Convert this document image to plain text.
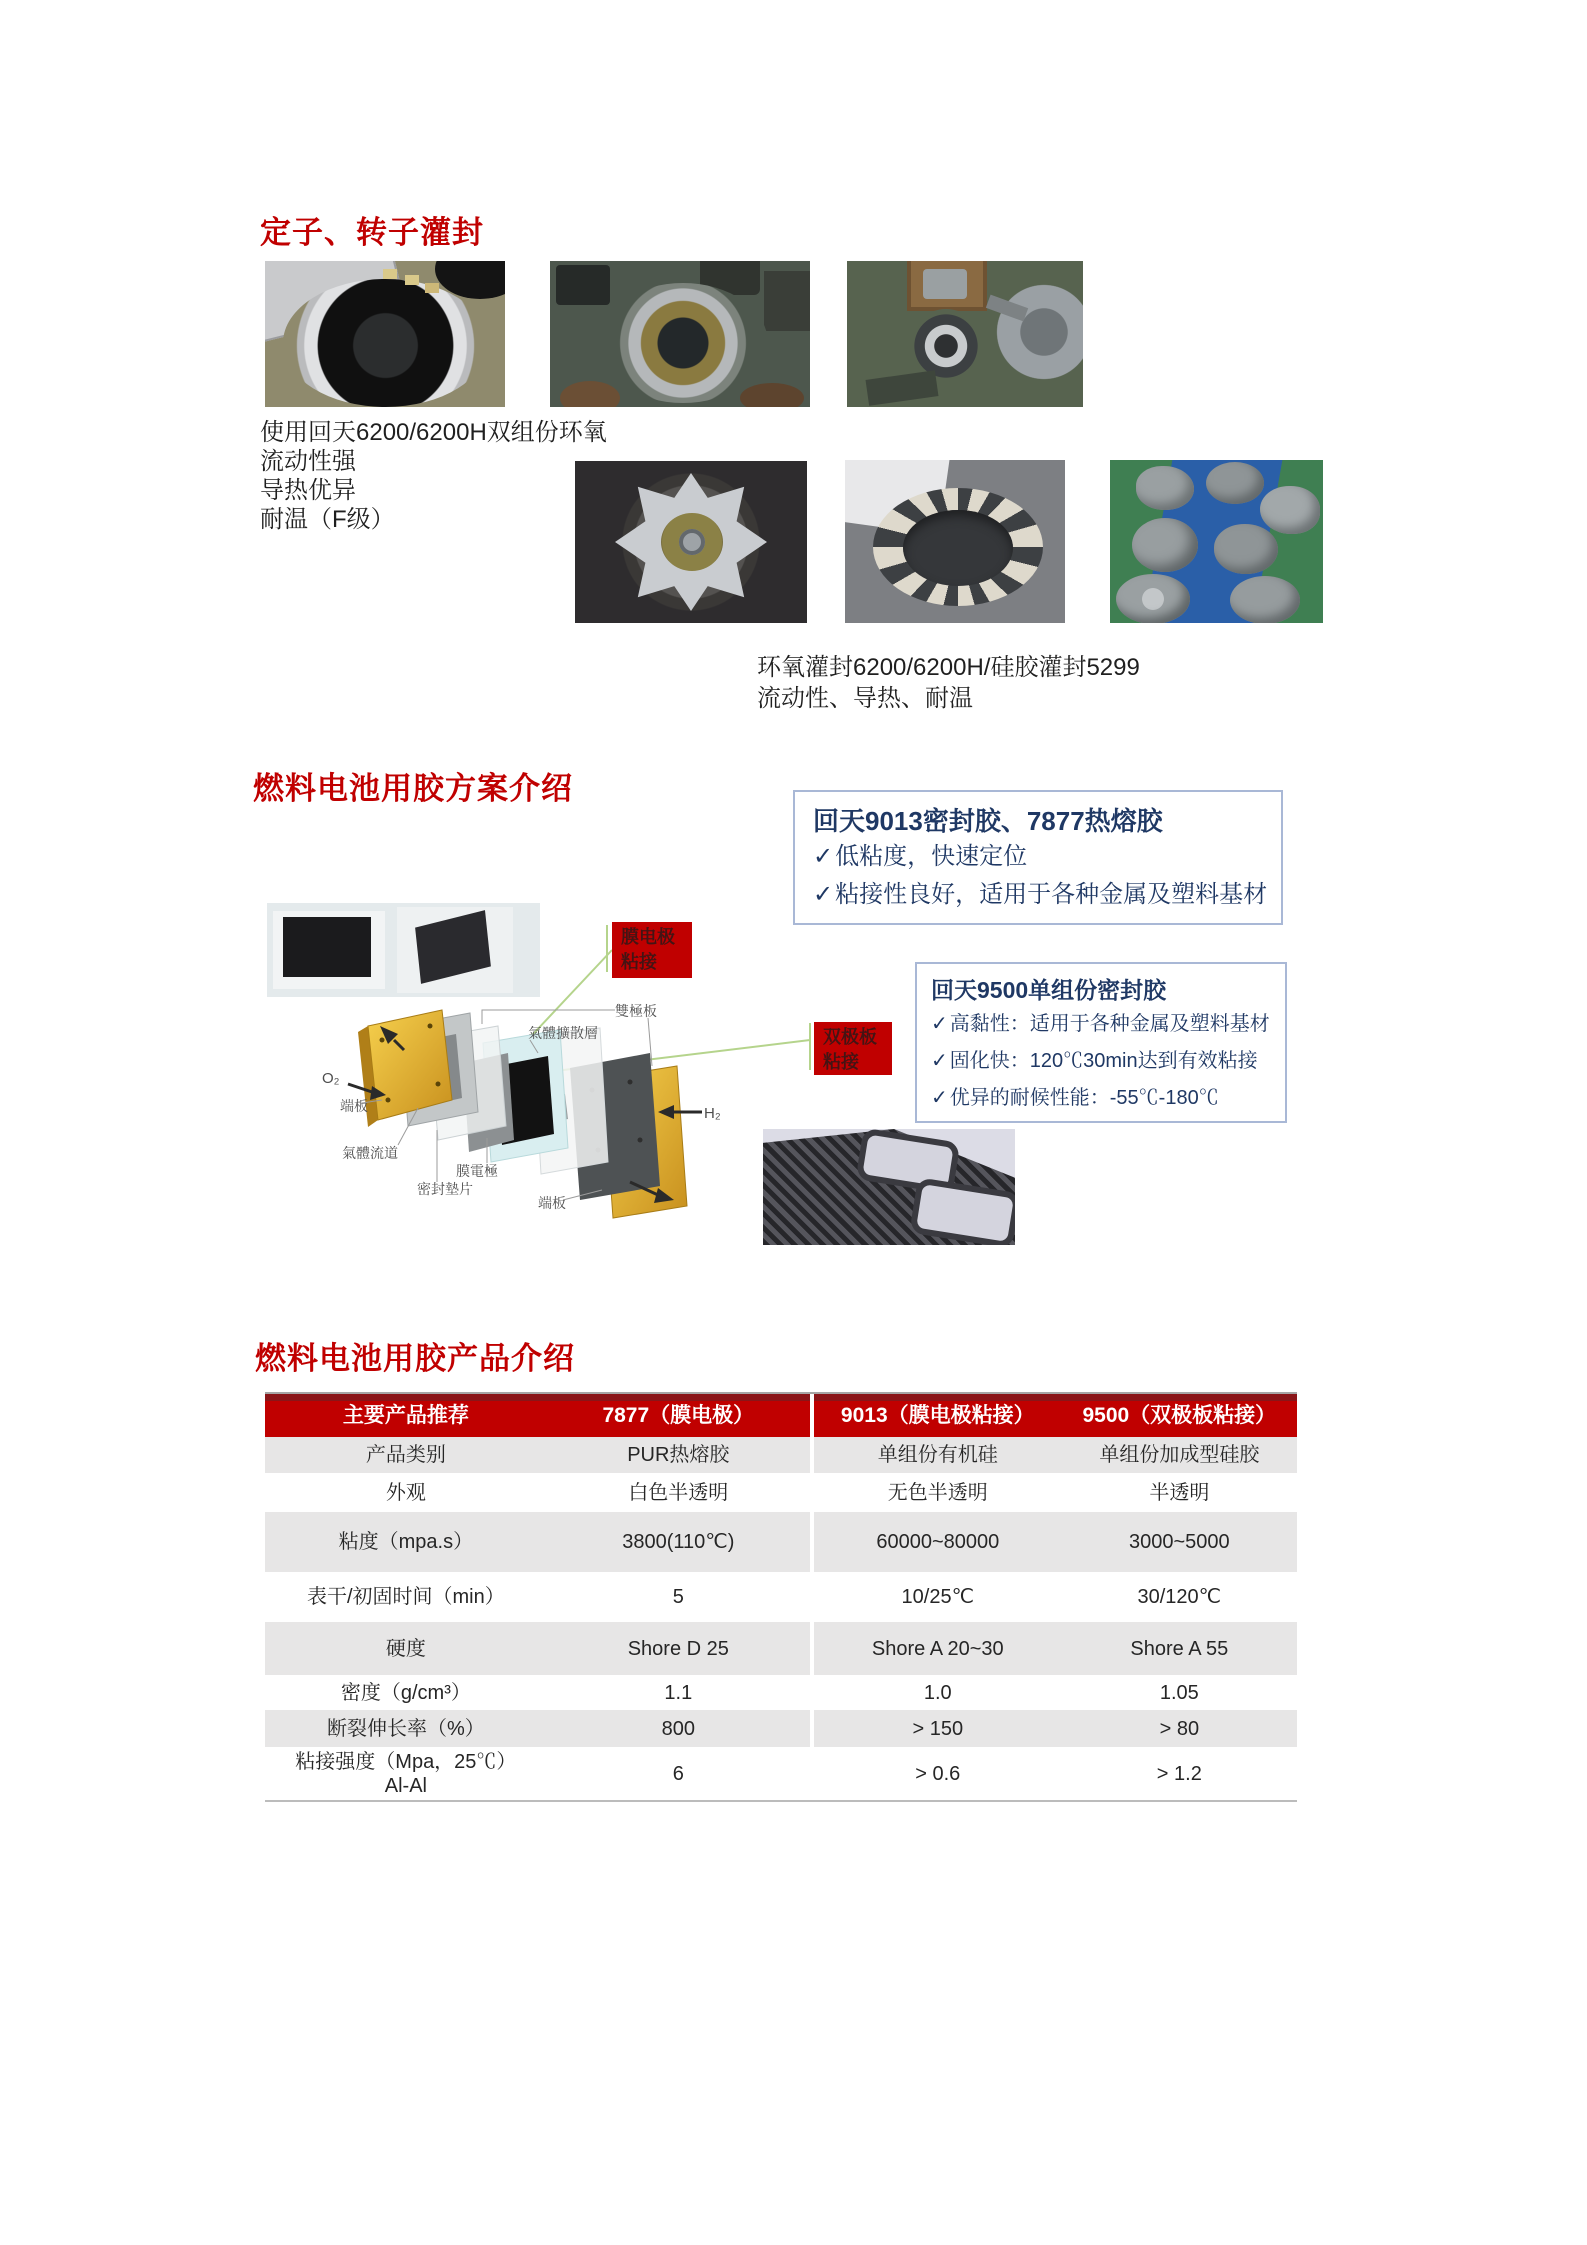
定子、转子灌封
使用回天6200/6200H双组份环氧
流动性强
导热优异
耐温（F级）
环氧灌封6200/6200H/硅胶灌封5299
流动性、导热、耐温
燃料电池用胶方案介绍
回天9013密封胶、7877热熔胶
✓低粘度，快速定位
✓粘接性良好，适用于各种金属及塑料基材
回天9500单组份密封胶
✓ 高黏性：适用于各种金属及塑料基材
✓ 固化快：120℃30min达到有效粘接
✓ 优异的耐候性能：-55℃-180℃
雙極板
氣體擴散層
O₂
端板
氣體流道
膜電極
密封墊片
端板
H₂
膜电极
粘接
双极板
粘接
燃料电池用胶产品介绍
主要产品推荐	7877（膜电极）	9013（膜电极粘接）	9500（双极板粘接）
产品类别	PUR热熔胶	单组份有机硅	单组份加成型硅胶
外观	白色半透明	无色半透明	半透明
粘度（mpa.s）	3800(110℃)	60000~80000	3000~5000
表干/初固时间（min）	5	10/25℃	30/120℃
硬度	Shore D 25	Shore A 20~30	Shore A 55
密度（g/cm³）	1.1	1.0	1.05
断裂伸长率（%）	800	> 150	> 80
粘接强度（Mpa，25℃）
Al-Al
6	> 0.6	> 1.2
